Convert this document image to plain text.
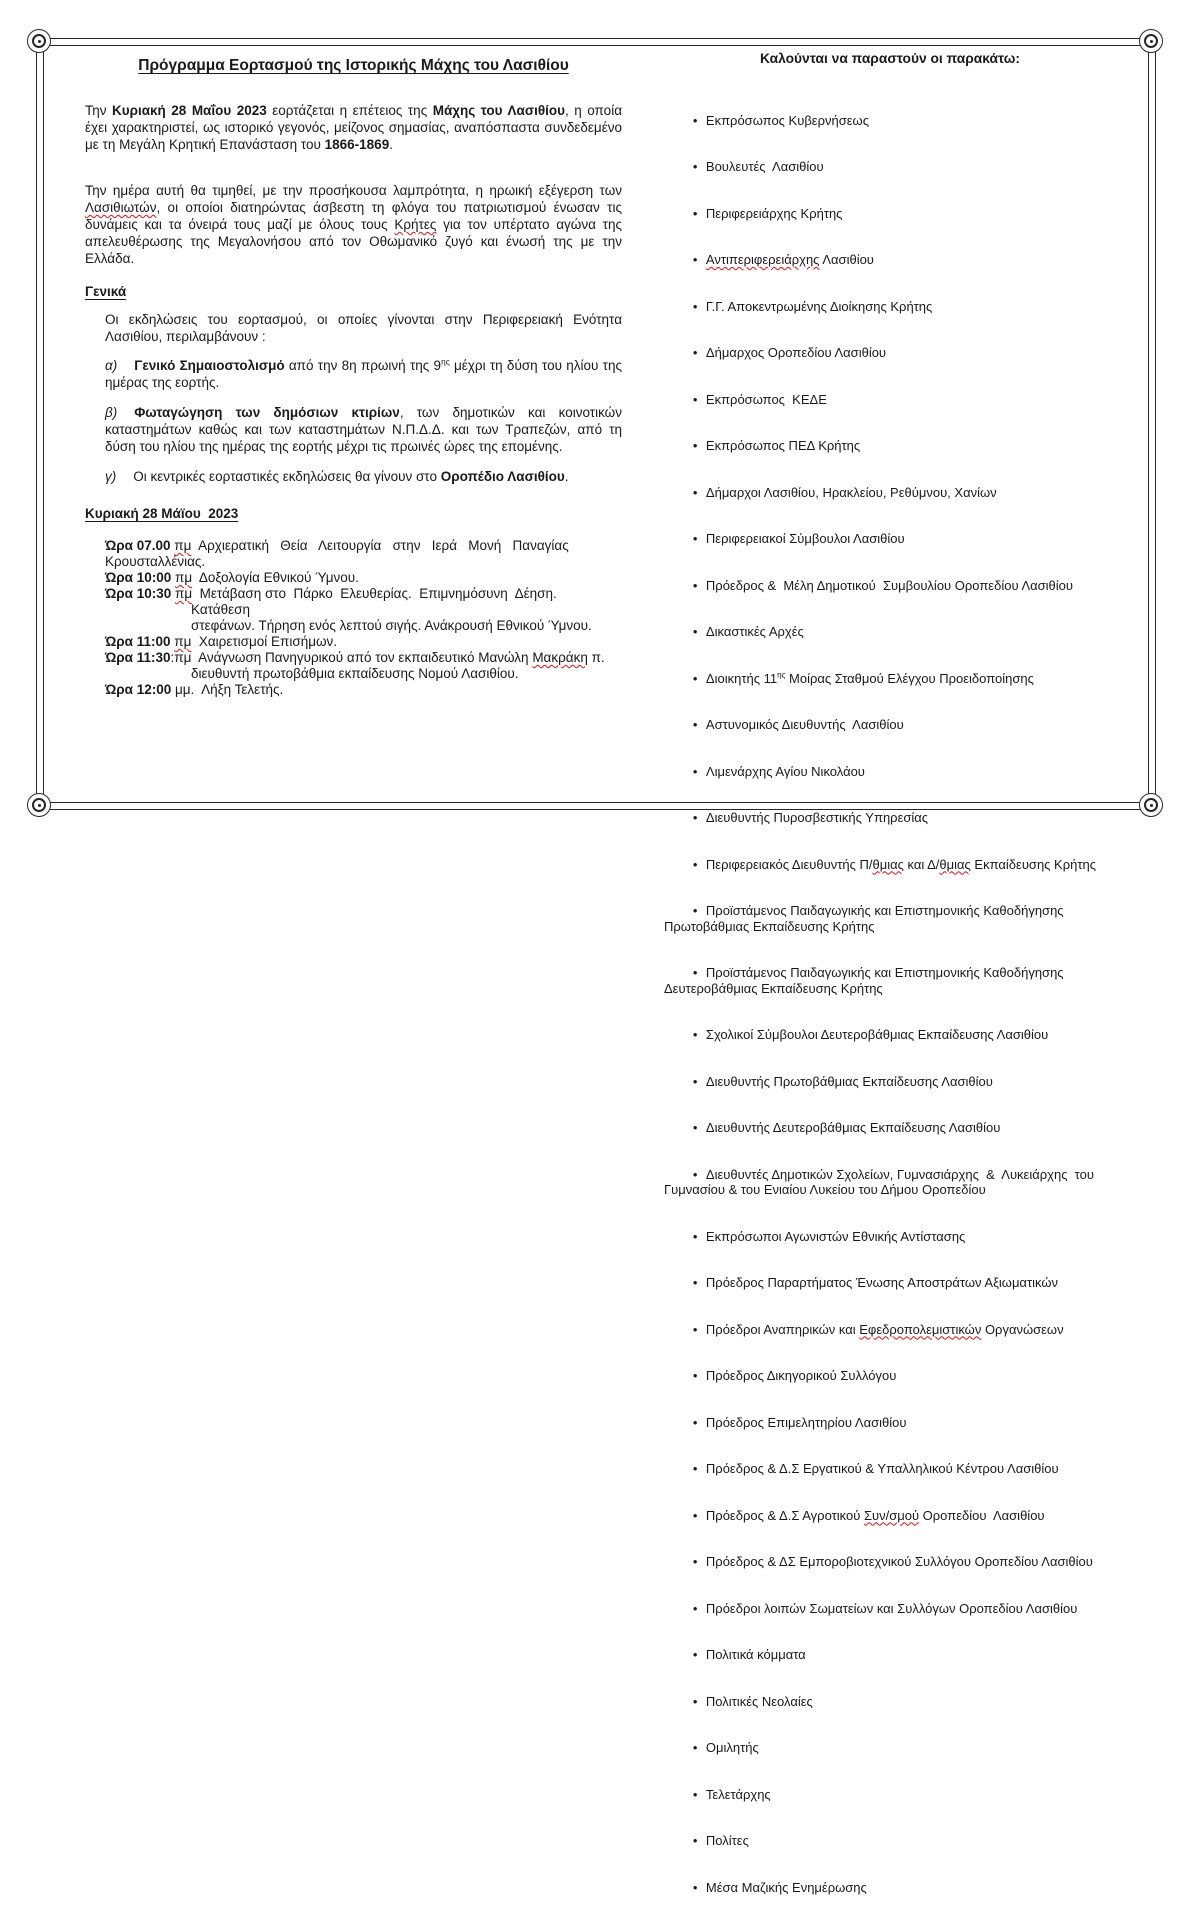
Πρόγραμμα Εορτασμού της Ιστορικής Μάχης του Λασιθίου
Την Κυριακή 28 Μαΐου 2023 εορτάζεται η επέτειος της Μάχης του Λασιθίου, η οποία έχει χαρακτηριστεί, ως ιστορικό γεγονός, μείζονος σημασίας, αναπόσπαστα συνδεδεμένο με τη Μεγάλη Κρητική Επανάσταση του 1866-1869.
Την ημέρα αυτή θα τιμηθεί, με την προσήκουσα λαμπρότητα, η ηρωική εξέγερση των Λασιθιωτών, οι οποίοι διατηρώντας άσβεστη τη φλόγα του πατριωτισμού ένωσαν τις δυνάμεις και τα όνειρά τους μαζί με όλους τους Κρήτες για τον υπέρτατο αγώνα της απελευθέρωσης της Μεγαλονήσου από τον Οθωμανικό ζυγό και ένωσή της με την Ελλάδα.
Γενικά
Οι εκδηλώσεις του εορτασμού, οι οποίες γίνονται στην Περιφερειακή Ενότητα Λασιθίου, περιλαμβάνουν :
α) Γενικό Σημαιοστολισμό από την 8η πρωινή της $9^{\eta\varsigma}$ μέχρι τη δύση του ηλίου της ημέρας της εορτής.
β) Φωταγώγηση των δημόσιων κτιρίων, των δημοτικών και κοινοτικών καταστημάτων καθώς και των καταστημάτων Ν.Π.Δ.Δ. και των Τραπεζών, από τη δύση του ηλίου της ημέρας της εορτής μέχρι τις πρωινές ώρες της επομένης.
γ) Οι κεντρικές εορταστικές εκδηλώσεις θα γίνουν στο Οροπέδιο Λασιθίου.
Κυριακή 28 Μάϊου  2023
Ώρα 07.00 πμ  Αρχιερατική   Θεία   Λειτουργία   στην   Ιερά   Μονή   Παναγίας
Κρουσταλλένιας.
Ώρα 10:00 πμ  Δοξολογία Εθνικού Ύμνου.
Ώρα 10:30 πμ  Μετάβαση στο  Πάρκο  Ελευθερίας.  Επιμνημόσυνη  Δέηση.  Κατάθεση
στεφάνων. Τήρηση ενός λεπτού σιγής. Ανάκρουσή Εθνικού Ύμνου.
Ώρα 11:00 πμ  Χαιρετισμοί Επισήμων.
Ώρα 11:30:πμ  Ανάγνωση Πανηγυρικού από τον εκπαιδευτικό Μανώλη Μακράκη π.
διευθυντή πρωτοβάθμια εκπαίδευσης Νομού Λασιθίου.
Ώρα 12:00 μμ.  Λήξη Τελετής.
Καλούνται να παραστούν οι παρακάτω:

• Εκπρόσωπος Κυβερνήσεως

• Βουλευτές  Λασιθίου

• Περιφερειάρχης Κρήτης

• Αντιπεριφερειάρχης Λασιθίου

• Γ.Γ. Αποκεντρωμένης Διοίκησης Κρήτης

• Δήμαρχος Οροπεδίου Λασιθίου

• Εκπρόσωπος  ΚΕΔΕ

• Εκπρόσωπος ΠΕΔ Κρήτης

• Δήμαρχοι Λασιθίου, Ηρακλείου, Ρεθύμνου, Χανίων

• Περιφερειακοί Σύμβουλοι Λασιθίου

• Πρόεδρος &  Μέλη Δημοτικού  Συμβουλίου Οροπεδίου Λασιθίου

• Δικαστικές Αρχές

• Διοικητής $11^{\eta\varsigma}$ Μοίρας Σταθμού Ελέγχου Προειδοποίησης

• Αστυνομικός Διευθυντής  Λασιθίου

• Λιμενάρχης Αγίου Νικολάου

• Διευθυντής Πυροσβεστικής Υπηρεσίας

• Περιφερειακός Διευθυντής Π/θμιας και Δ/θμιας Εκπαίδευσης Κρήτης

• Προϊστάμενος Παιδαγωγικής και Επιστημονικής Καθοδήγησης
Πρωτοβάθμιας Εκπαίδευσης Κρήτης

• Προϊστάμενος Παιδαγωγικής και Επιστημονικής Καθοδήγησης
Δευτεροβάθμιας Εκπαίδευσης Κρήτης

• Σχολικοί Σύμβουλοι Δευτεροβάθμιας Εκπαίδευσης Λασιθίου

• Διευθυντής Πρωτοβάθμιας Εκπαίδευσης Λασιθίου

• Διευθυντής Δευτεροβάθμιας Εκπαίδευσης Λασιθίου

• Διευθυντές Δημοτικών Σχολείων, Γυμνασιάρχης  &  Λυκειάρχης  του
Γυμνασίου & του Ενιαίου Λυκείου του Δήμου Οροπεδίου

• Εκπρόσωποι Αγωνιστών Εθνικής Αντίστασης

• Πρόεδρος Παραρτήματος Ένωσης Αποστράτων Αξιωματικών

• Πρόεδροι Αναπηρικών και Εφεδροπολεμιστικών Οργανώσεων

• Πρόεδρος Δικηγορικού Συλλόγου

• Πρόεδρος Επιμελητηρίου Λασιθίου

• Πρόεδρος & Δ.Σ Εργατικού & Υπαλληλικού Κέντρου Λασιθίου

• Πρόεδρος & Δ.Σ Αγροτικού Συν/σμού Οροπεδίου  Λασιθίου

• Πρόεδρος & ΔΣ Εμποροβιοτεχνικού Συλλόγου Οροπεδίου Λασιθίου

• Πρόεδροι λοιπών Σωματείων και Συλλόγων Οροπεδίου Λασιθίου

• Πολιτικά κόμματα

• Πολιτικές Νεολαίες

• Ομιλητής

• Τελετάρχης

• Πολίτες

• Μέσα Μαζικής Ενημέρωσης
